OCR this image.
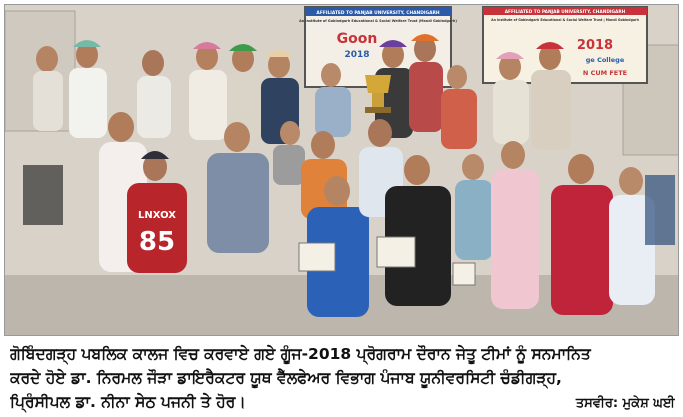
AFFILIATED TO PANJAB UNIVERSITY, CHANDIGARH
An Institute of Gobindgarh Educational & Social Welfare Trust (Mandi Gobindgarh)
Goon
2018
AFFILIATED TO PANJAB UNIVERSITY, CHANDIGARH
An Institute of Gobindgarh Educational & Social Welfare Trust | Mandi Gobindgarh
2018
ge College
N CUM FETE
LNXOX
85
ਗੋਬਿੰਦਗੜ੍ਹ ਪਬਲਿਕ ਕਾਲਜ ਵਿਚ ਕਰਵਾਏ ਗਏ ਗੂੰਜ-2018 ਪ੍ਰੋਗਰਾਮ ਦੌਰਾਨ ਜੇਤੂ ਟੀਮਾਂ ਨੂੰ ਸਨਮਾਨਿਤ
ਕਰਦੇ ਹੋਏ ਡਾ. ਨਿਰਮਲ ਜੌੜਾ ਡਾਇਰੈਕਟਰ ਯੂਥ ਵੈੱਲਫੇਅਰ ਵਿਭਾਗ ਪੰਜਾਬ ਯੂਨੀਵਰਸਿਟੀ ਚੰਡੀਗੜ੍ਹ,
ਪ੍ਰਿੰਸੀਪਲ ਡਾ. ਨੀਨਾ ਸੇਠ ਪਜਨੀ ਤੇ ਹੋਰ।	ਤਸਵੀਰ: ਮੁਕੇਸ਼ ਘਈ
